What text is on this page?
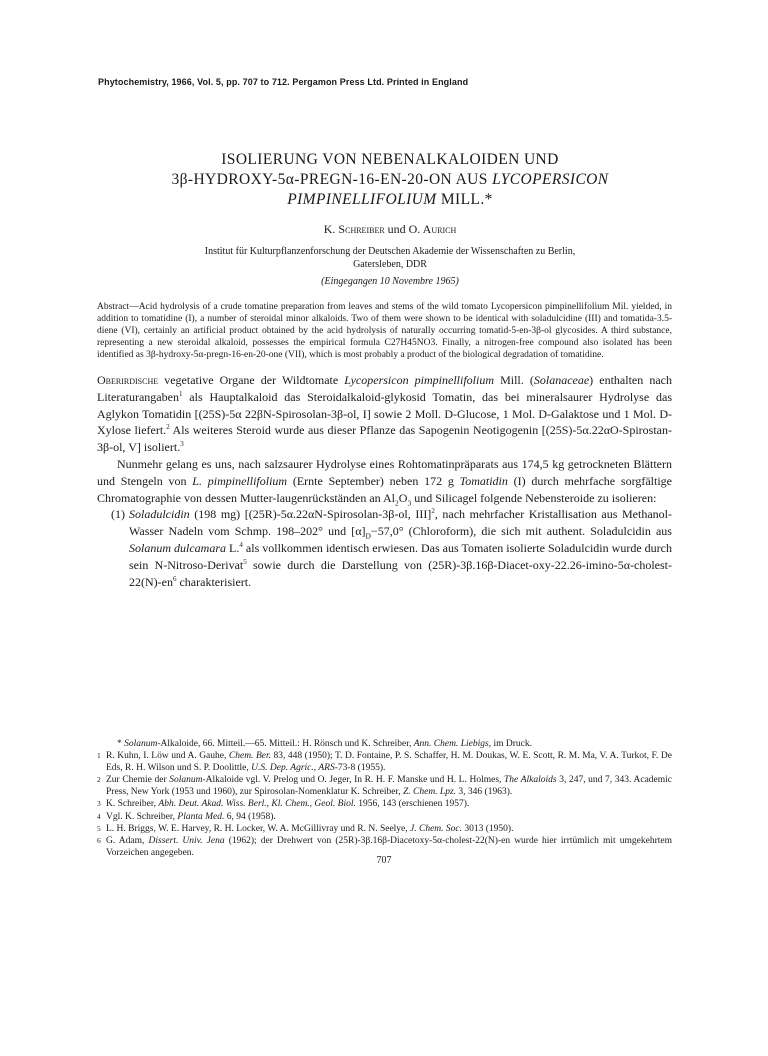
Phytochemistry, 1966, Vol. 5, pp. 707 to 712. Pergamon Press Ltd. Printed in England
ISOLIERUNG VON NEBENALKALOIDEN UND
3β-HYDROXY-5α-PREGN-16-EN-20-ON AUS LYCOPERSICON
PIMPINELLIFOLIUM MILL.*
K. Schreiber und O. Aurich
Institut für Kulturpflanzenforschung der Deutschen Akademie der Wissenschaften zu Berlin,
Gatersleben, DDR
(Eingegangen 10 Novembre 1965)
Abstract—Acid hydrolysis of a crude tomatine preparation from leaves and stems of the wild tomato Lycopersicon pimpinellifolium Mil. yielded, in addition to tomatidine (I), a number of steroidal minor alkaloids. Two of them were shown to be identical with soladulcidine (III) and tomatida-3.5-diene (VI), certainly an artificial product obtained by the acid hydrolysis of naturally occurring tomatid-5-en-3β-ol glycosides. A third substance, representing a new steroidal alkaloid, possesses the empirical formula C27H45NO3. Finally, a nitrogen-free compound also isolated has been identified as 3β-hydroxy-5α-pregn-16-en-20-one (VII), which is most probably a product of the biological degradation of tomatidine.

Oberirdische vegetative Organe der Wildtomate Lycopersicon pimpinellifolium Mill. (Solanaceae) enthalten nach Literaturangaben$^1$ als Hauptalkaloid das Steroidalkaloid-glykosid Tomatin, das bei mineralsaurer Hydrolyse das Aglykon Tomatidin [(25S)-5α 22βN-Spirosolan-3β-ol, I] sowie 2 Moll. D-Glucose, 1 Mol. D-Galaktose und 1 Mol. D-Xylose liefert.$^2$ Als weiteres Steroid wurde aus dieser Pflanze das Sapogenin Neotigogenin [(25S)-5α.22αO-Spirostan-3β-ol, V] isoliert.$^3$

Nunmehr gelang es uns, nach salzsaurer Hydrolyse eines Rohtomatinpräparats aus 174,5 kg getrockneten Blättern und Stengeln von L. pimpinellifolium (Ernte September) neben 172 g Tomatidin (I) durch mehrfache sorgfältige Chromatographie von dessen Mutter-laugenrückständen an $Al_2O_3$ und Silicagel folgende Nebensteroide zu isolieren:

(1) Soladulcidin (198 mg) [(25R)-5α.22αN-Spirosolan-3β-ol, III]$^2$, nach mehrfacher Kristallisation aus Methanol-Wasser Nadeln vom Schmp. 198–202° und $[\alpha]_D-57,0^\circ$ (Chloroform), die sich mit authent. Soladulcidin aus Solanum dulcamara L.$^4$ als vollkommen identisch erwiesen. Das aus Tomaten isolierte Soladulcidin wurde durch sein N-Nitroso-Derivat$^5$ sowie durch die Darstellung von $(25R)-3\beta.16\beta-Diacet-oxy-22.26-imino-5\alpha-cholest-22(N)-en^6$ charakterisiert.

* Solanum-Alkaloide, 66. Mitteil.—65. Mitteil.: H. Rönsch und K. Schreiber, Ann. Chem. Liebigs, im Druck.

1 R. Kuhn, I. Löw und A. Gauhe, Chem. Ber. 83, 448 (1950); T. D. Fontaine, P. S. Schaffer, H. M. Doukas, W. E. Scott, R. M. Ma, V. A. Turkot, F. De Eds, R. H. Wilson und S. P. Doolittle, U.S. Dep. Agric., ARS-73-8 (1955).

2 Zur Chemie der Solanum-Alkaloide vgl. V. Prelog und O. Jeger, In R. H. F. Manske und H. L. Holmes, The Alkaloids 3, 247, und 7, 343. Academic Press, New York (1953 und 1960), zur Spirosolan-Nomenklatur K. Schreiber, Z. Chem. Lpz. 3, 346 (1963).

3 K. Schreiber, Abh. Deut. Akad. Wiss. Berl., Kl. Chem., Geol. Biol. 1956, 143 (erschienen 1957).

4 Vgl. K. Schreiber, Planta Med. 6, 94 (1958).

5 L. H. Briggs, W. E. Harvey, R. H. Locker, W. A. McGillivray und R. N. Seelye, J. Chem. Soc. 3013 (1950).

6 G. Adam, Dissert. Univ. Jena (1962); der Drehwert von (25R)-3β.16β-Diacetoxy-5α-cholest-22(N)-en wurde hier irrtümlich mit umgekehrtem Vorzeichen angegeben.

707
